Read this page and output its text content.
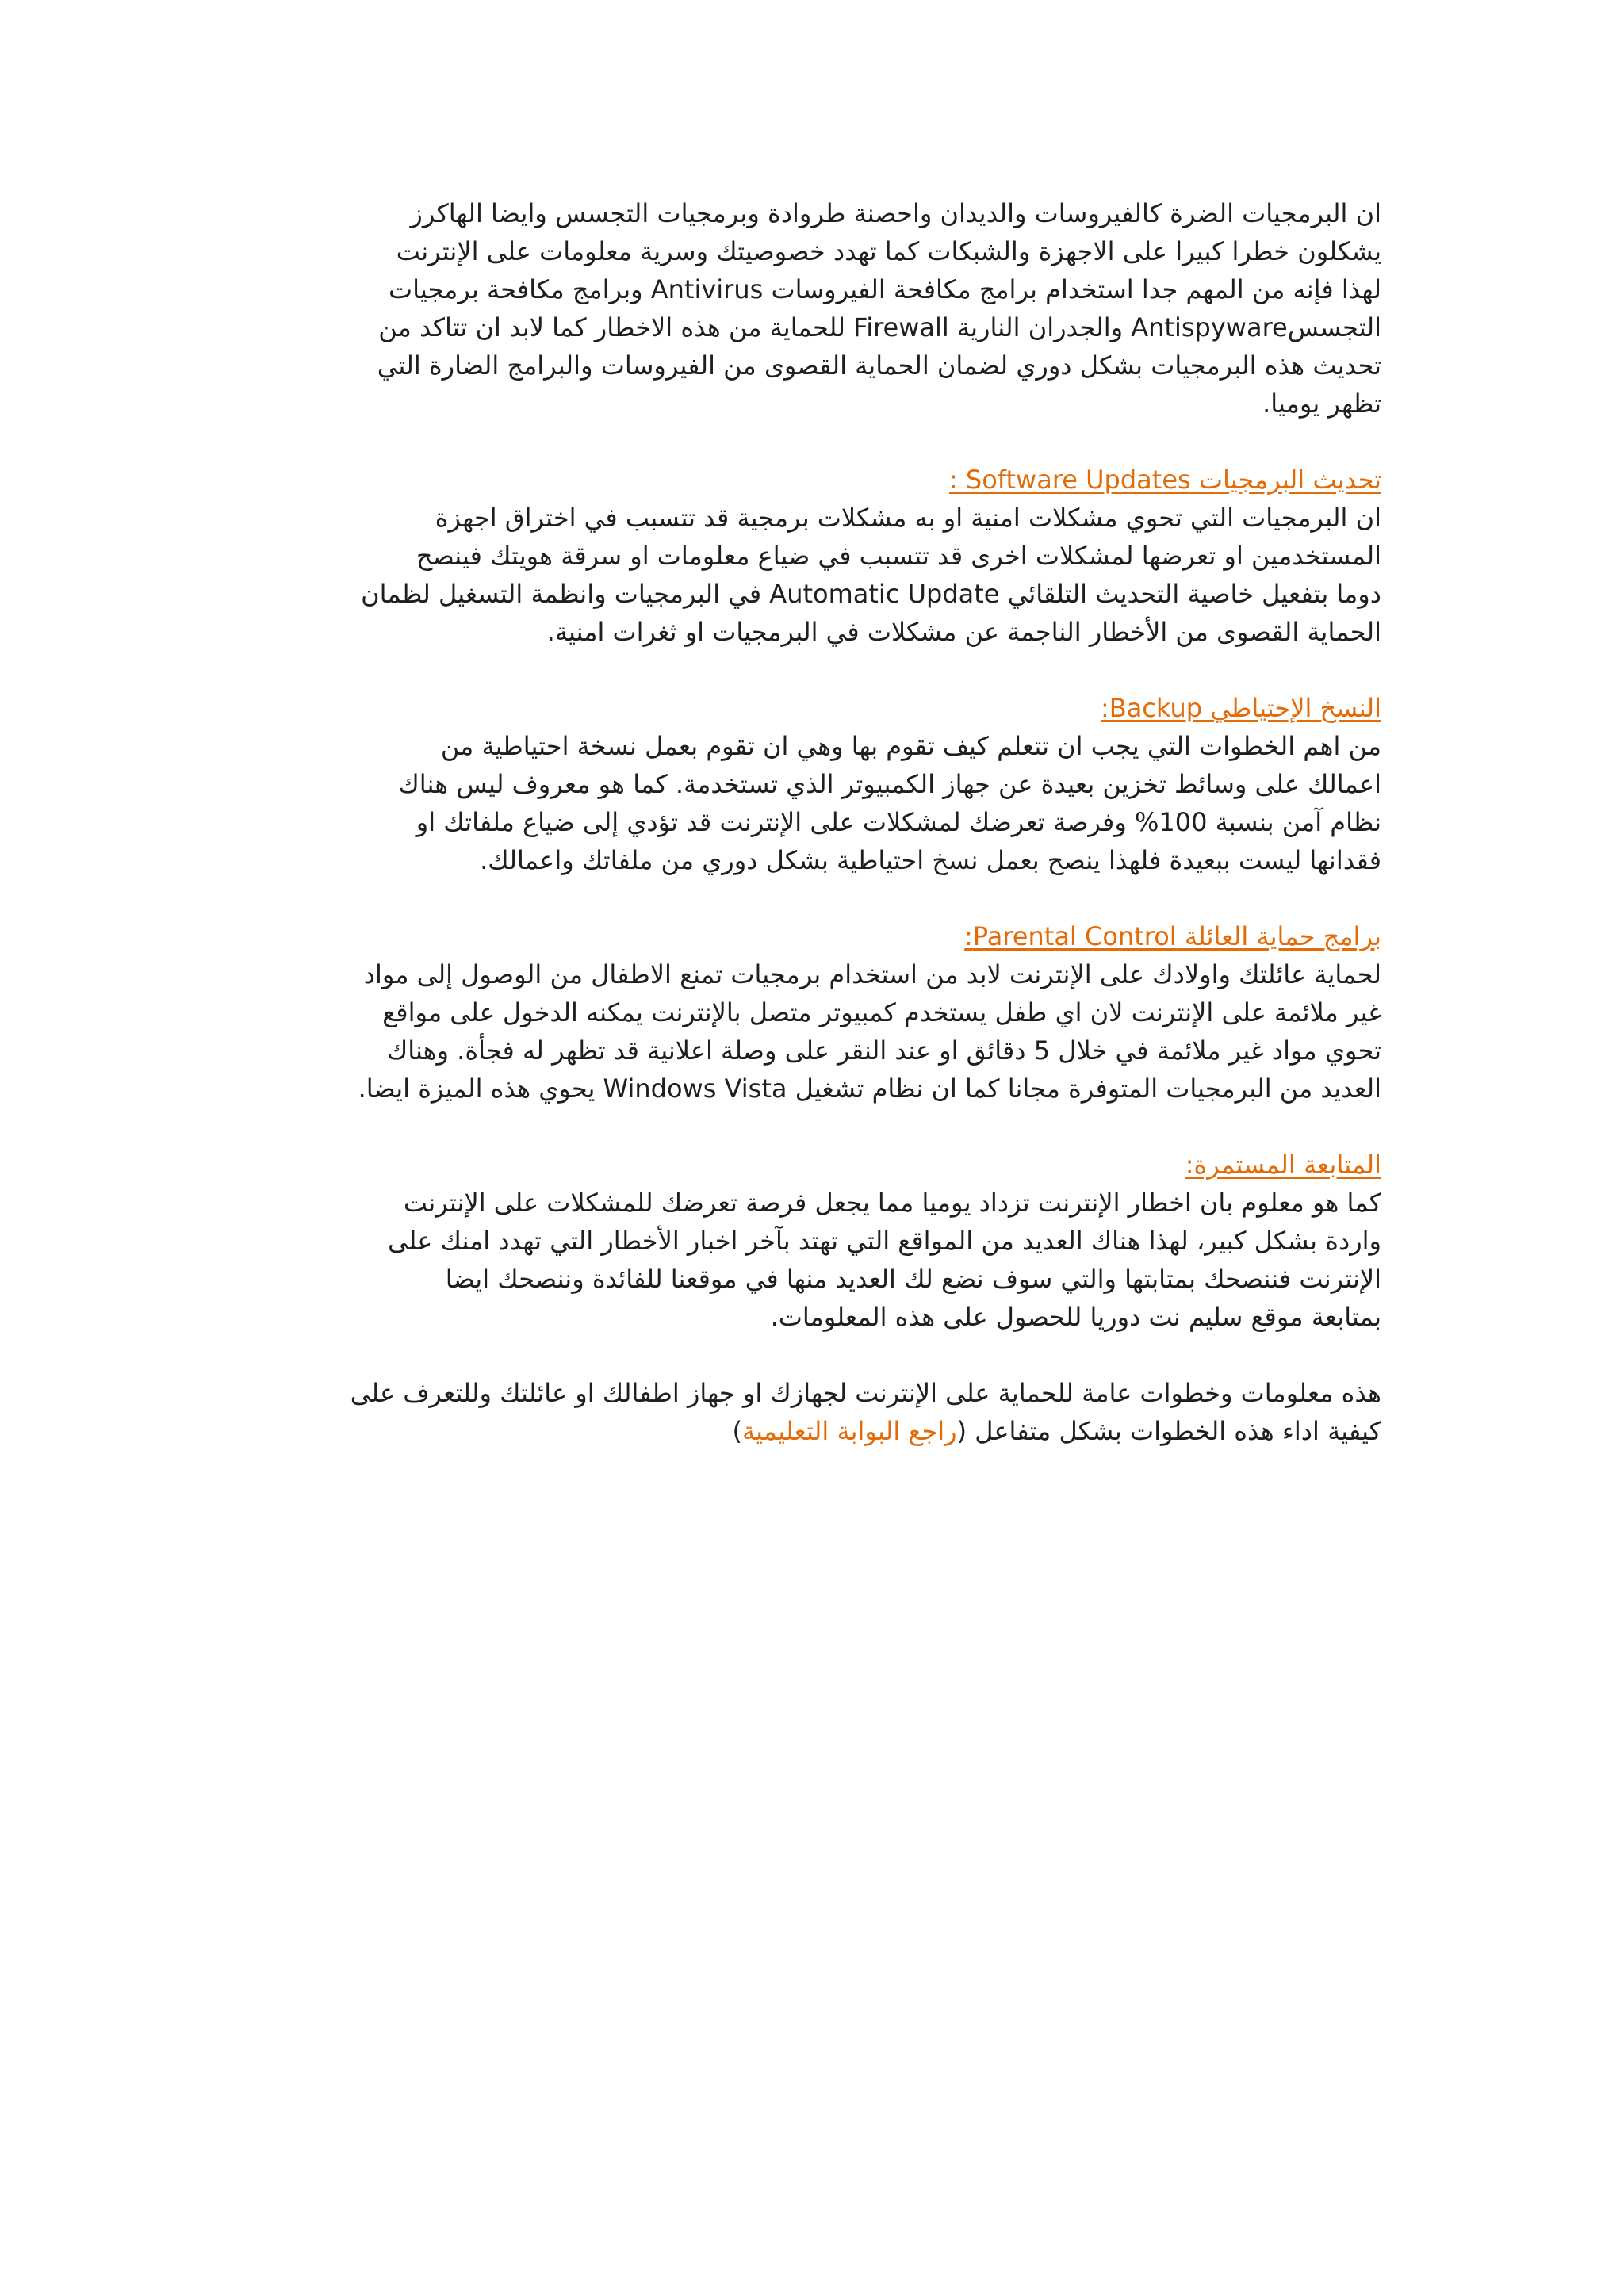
ان البرمجيات الضرة كالفيروسات والديدان واحصنة طروادة وبرمجيات التجسس وايضا الهاكرز
يشكلون خطرا كبيرا على الاجهزة والشبكات كما تهدد خصوصيتك وسرية معلومات على الإنترنت
لهذا فإنه من المهم جدا استخدام برامج مكافحة الفيروسات Antivirus وبرامج مكافحة برمجيات
التجسسAntispyware والجدران النارية Firewall للحماية من هذه الاخطار كما لابد ان تتاكد من
تحديث هذه البرمجيات بشكل دوري لضمان الحماية القصوى من الفيروسات والبرامج الضارة التي
تظهر يوميا.

تحديث البرمجيات Software Updates :

ان البرمجيات التي تحوي مشكلات امنية او به مشكلات برمجية قد تتسبب في اختراق اجهزة
المستخدمين او تعرضها لمشكلات اخرى قد تتسبب في ضياع معلومات او سرقة هويتك فينصح
دوما بتفعيل خاصية التحديث التلقائي Automatic Update في البرمجيات وانظمة التسغيل لظمان
الحماية القصوى من الأخطار الناجمة عن مشكلات في البرمجيات او ثغرات امنية.

النسخ الإحتياطي Backup:

من اهم الخطوات التي يجب ان تتعلم كيف تقوم بها وهي ان تقوم بعمل نسخة احتياطية من
اعمالك على وسائط تخزين بعيدة عن جهاز الكمبيوتر الذي تستخدمة. كما هو معروف ليس هناك
نظام آمن بنسبة 100% وفرصة تعرضك لمشكلات على الإنترنت قد تؤدي إلى ضياع ملفاتك او
فقدانها ليست ببعيدة فلهذا ينصح بعمل نسخ احتياطية بشكل دوري من ملفاتك واعمالك.

برامج حماية العائلة Parental Control:

لحماية عائلتك واولادك على الإنترنت لابد من استخدام برمجيات تمنع الاطفال من الوصول إلى مواد
غير ملائمة على الإنترنت لان اي طفل يستخدم كمبيوتر متصل بالإنترنت يمكنه الدخول على مواقع
تحوي مواد غير ملائمة في خلال 5 دقائق او عند النقر على وصلة اعلانية قد تظهر له فجأة. وهناك
العديد من البرمجيات المتوفرة مجانا كما ان نظام تشغيل Windows Vista يحوي هذه الميزة ايضا.

المتابعة المستمرة:

كما هو معلوم بان اخطار الإنترنت تزداد يوميا مما يجعل فرصة تعرضك للمشكلات على الإنترنت
واردة بشكل كبير، لهذا هناك العديد من المواقع التي تهتد بآخر اخبار الأخطار التي تهدد امنك على
الإنترنت فننصحك بمتابتها والتي سوف نضع لك العديد منها في موقعنا للفائدة وننصحك ايضا
بمتابعة موقع سليم نت دوريا للحصول على هذه المعلومات.

هذه معلومات وخطوات عامة للحماية على الإنترنت لجهازك او جهاز اطفالك او عائلتك وللتعرف على

كيفية اداء هذه الخطوات بشكل متفاعل (راجع البوابة التعليمية)
